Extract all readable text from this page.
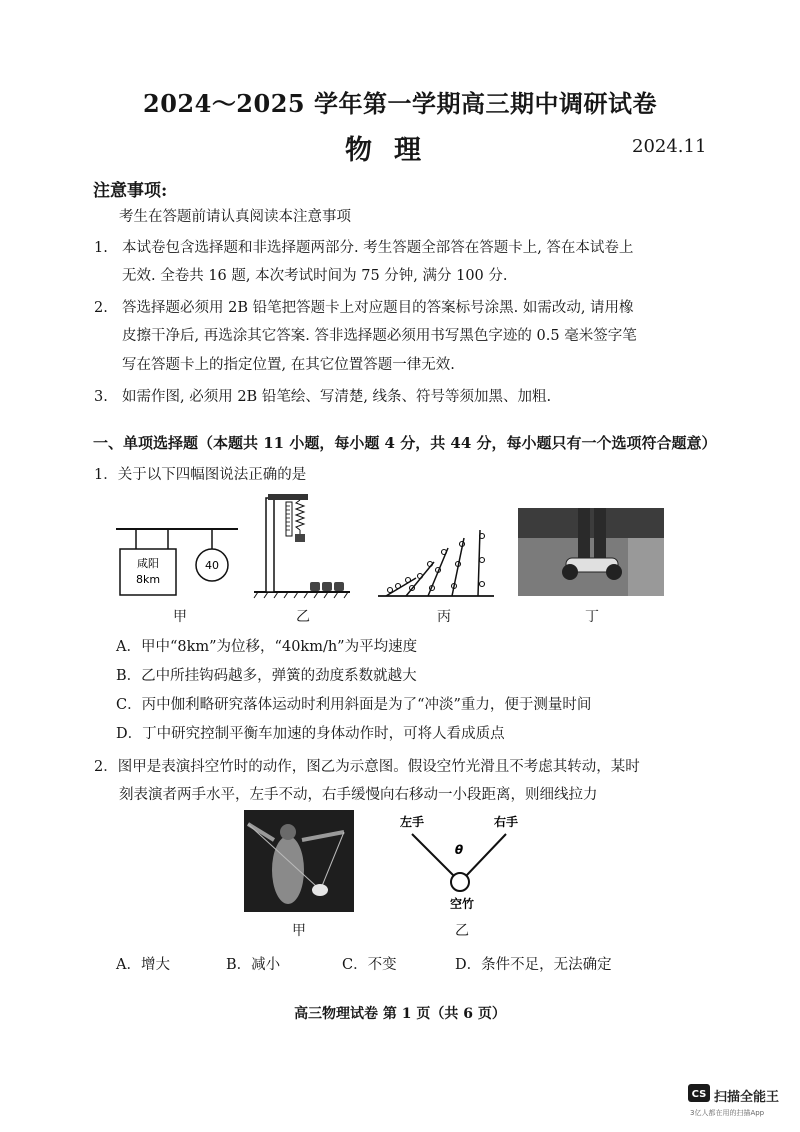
2024～2025 学年第一学期高三期中调研试卷
物理	2024.11
注意事项:
考生在答题前请认真阅读本注意事项
1. 本试卷包含选择题和非选择题两部分. 考生答题全部答在答题卡上, 答在本试卷上
无效. 全卷共 16 题, 本次考试时间为 75 分钟, 满分 100 分.
2. 答选择题必须用 2B 铅笔把答题卡上对应题目的答案标号涂黑. 如需改动, 请用橡
皮擦干净后, 再选涂其它答案. 答非选择题必须用书写黑色字迹的 0.5 毫米签字笔
写在答题卡上的指定位置, 在其它位置答题一律无效.
3. 如需作图, 必须用 2B 铅笔绘、写清楚, 线条、符号等须加黑、加粗.
一、单项选择题（本题共 11 小题，每小题 4 分，共 44 分，每小题只有一个选项符合题意）
1．关于以下四幅图说法正确的是
咸阳
8km
40
甲	乙	丙	丁
A．甲中“8km”为位移，“40km/h”为平均速度
B．乙中所挂钩码越多，弹簧的劲度系数就越大
C．丙中伽利略研究落体运动时利用斜面是为了“冲淡”重力，便于测量时间
D．丁中研究控制平衡车加速的身体动作时，可将人看成质点
2．图甲是表演抖空竹时的动作，图乙为示意图。假设空竹光滑且不考虑其转动，某时
刻表演者两手水平，左手不动，右手缓慢向右移动一小段距离，则细线拉力
左手	右手
θ
空竹
甲	乙
A．增大	B．减小	C．不变	D．条件不足，无法确定
高三物理试卷 第 1 页（共 6 页）
CS 扫描全能王
3亿人都在用的扫描App
